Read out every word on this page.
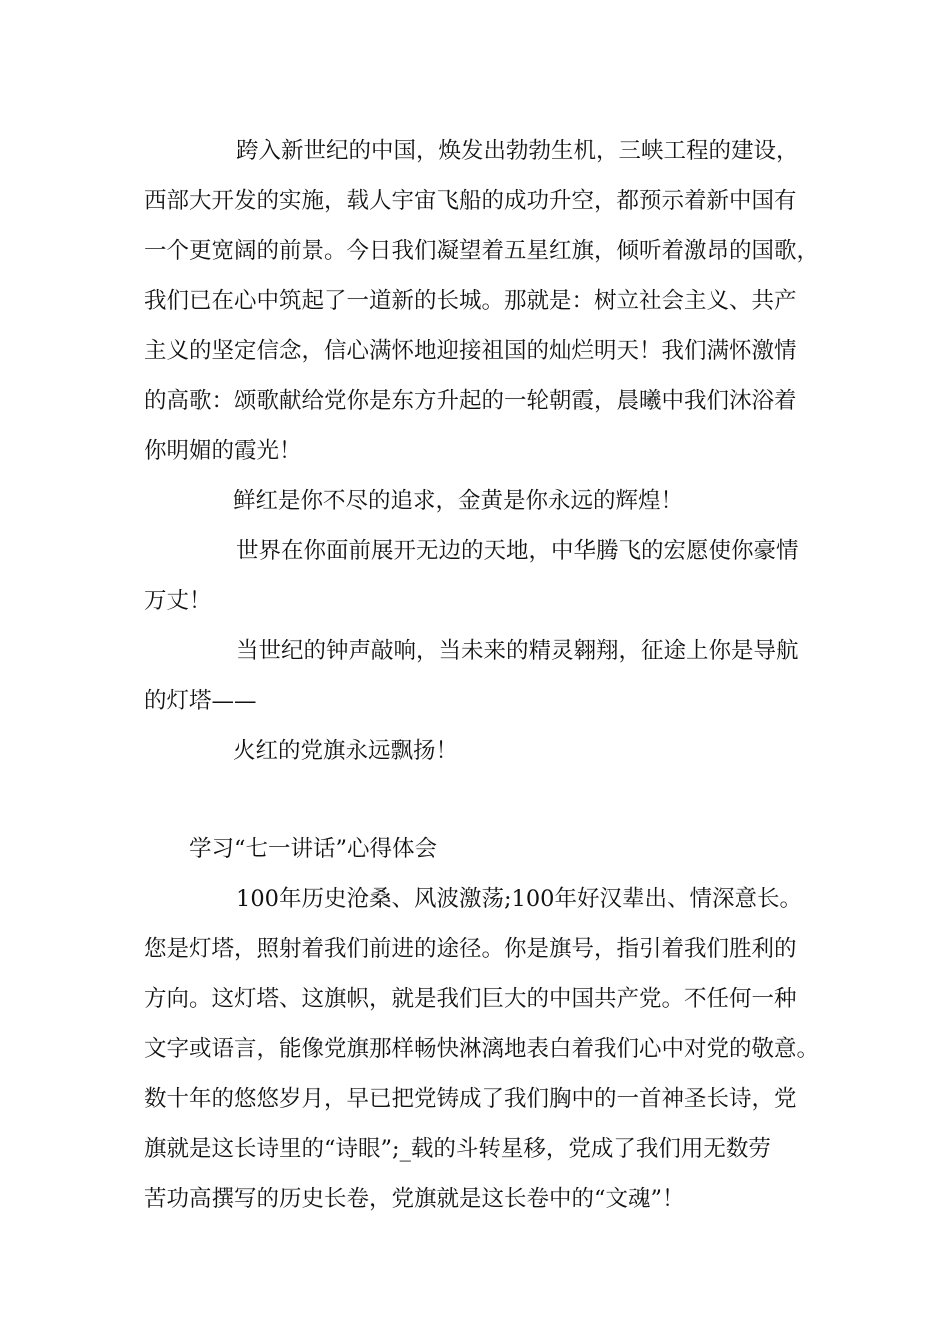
跨入新世纪的中国，焕发出勃勃生机，三峡工程的建设，
西部大开发的实施，载人宇宙飞船的成功升空，都预示着新中国有
一个更宽阔的前景。今日我们凝望着五星红旗，倾听着激昂的国歌，
我们已在心中筑起了一道新的长城。那就是：树立社会主义、共产
主义的坚定信念，信心满怀地迎接祖国的灿烂明天！我们满怀激情
的高歌：颂歌献给党你是东方升起的一轮朝霞，晨曦中我们沐浴着
你明媚的霞光！
鲜红是你不尽的追求，金黄是你永远的辉煌！
世界在你面前展开无边的天地，中华腾飞的宏愿使你豪情
万丈！
当世纪的钟声敲响，当未来的精灵翱翔，征途上你是导航
的灯塔——
火红的党旗永远飘扬！
学习“七一讲话”心得体会
100年历史沧桑、风波激荡;100年好汉辈出、情深意长。
您是灯塔，照射着我们前进的途径。你是旗号，指引着我们胜利的
方向。这灯塔、这旗帜，就是我们巨大的中国共产党。不任何一种
文字或语言，能像党旗那样畅快淋漓地表白着我们心中对党的敬意。
数十年的悠悠岁月，早已把党铸成了我们胸中的一首神圣长诗，党
旗就是这长诗里的“诗眼”;_载的斗转星移，党成了我们用无数劳
苦功高撰写的历史长卷，党旗就是这长卷中的“文魂”！
